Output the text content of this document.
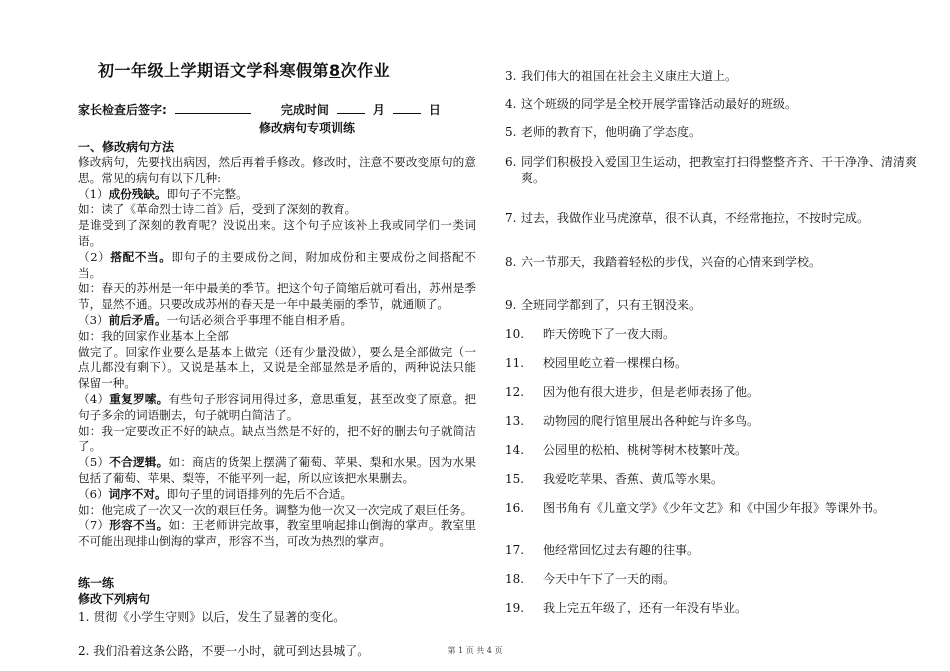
初一年级上学期语文学科寒假第8次作业
家长检查后签字:	完成时间	月	日
修改病句专项训练
一、修改病句方法
修改病句，先要找出病因，然后再着手修改。修改时，注意不要改变原句的意思。常见的病句有以下几种:
（1）成份残缺。即句子不完整。
如：读了《革命烈士诗二首》后，受到了深刻的教育。
是谁受到了深刻的教育呢？没说出来。这个句子应该补上我或同学们一类词语。
（2）搭配不当。即句子的主要成份之间，附加成份和主要成份之间搭配不当。
如：春天的苏州是一年中最美的季节。把这个句子简缩后就可看出，苏州是季节，显然不通。只要改成苏州的春天是一年中最美丽的季节，就通顺了。
（3）前后矛盾。一句话必须合乎事理不能自相矛盾。
如：我的回家作业基本上全部
做完了。回家作业要么是基本上做完（还有少量没做），要么是全部做完（一点儿都没有剩下）。又说是基本上，又说是全部显然是矛盾的，两种说法只能保留一种。
（4）重复罗嗦。有些句子形容词用得过多，意思重复，甚至改变了原意。把句子多余的词语删去，句子就明白简洁了。
如：我一定要改正不好的缺点。缺点当然是不好的，把不好的删去句子就简洁了。
（5）不合逻辑。如：商店的货架上摆满了葡萄、苹果、梨和水果。因为水果包括了葡萄、苹果、梨等，不能平列一起，所以应该把水果删去。
（6）词序不对。即句子里的词语排列的先后不合适。
如：他完成了一次又一次的艰巨任务。调整为他一次又一次完成了艰巨任务。
（7）形容不当。如：王老师讲完故事，教室里响起排山倒海的掌声。教室里不可能出现排山倒海的掌声，形容不当，可改为热烈的掌声。
练一练
修改下列病句
1. 贯彻《小学生守则》以后，发生了显著的变化。
2. 我们沿着这条公路，不要一小时，就可到达县城了。
3. 我们伟大的祖国在社会主义康庄大道上。
4. 这个班级的同学是全校开展学雷锋活动最好的班级。
5. 老师的教育下，他明确了学态度。
6. 同学们积极投入爱国卫生运动，把教室打扫得整整齐齐、干干净净、清清爽爽。
7. 过去，我做作业马虎潦草，很不认真，不经常拖拉，不按时完成。
8. 六一节那天，我踏着轻松的步伐，兴奋的心情来到学校。
9. 全班同学都到了，只有王钢没来。
10.	昨天傍晚下了一夜大雨。
11.	校园里屹立着一棵棵白杨。
12.	因为他有很大进步，但是老师表扬了他。
13.	动物园的爬行馆里展出各种蛇与许多鸟。
14.	公园里的松柏、桃树等树木枝繁叶茂。
15.	我爱吃苹果、香蕉、黄瓜等水果。
16.	图书角有《儿童文学》《少年文艺》和《中国少年报》等课外书。
17.	他经常回忆过去有趣的往事。
18.	今天中午下了一天的雨。
19.	我上完五年级了，还有一年没有毕业。
第 1 页 共 4 页
